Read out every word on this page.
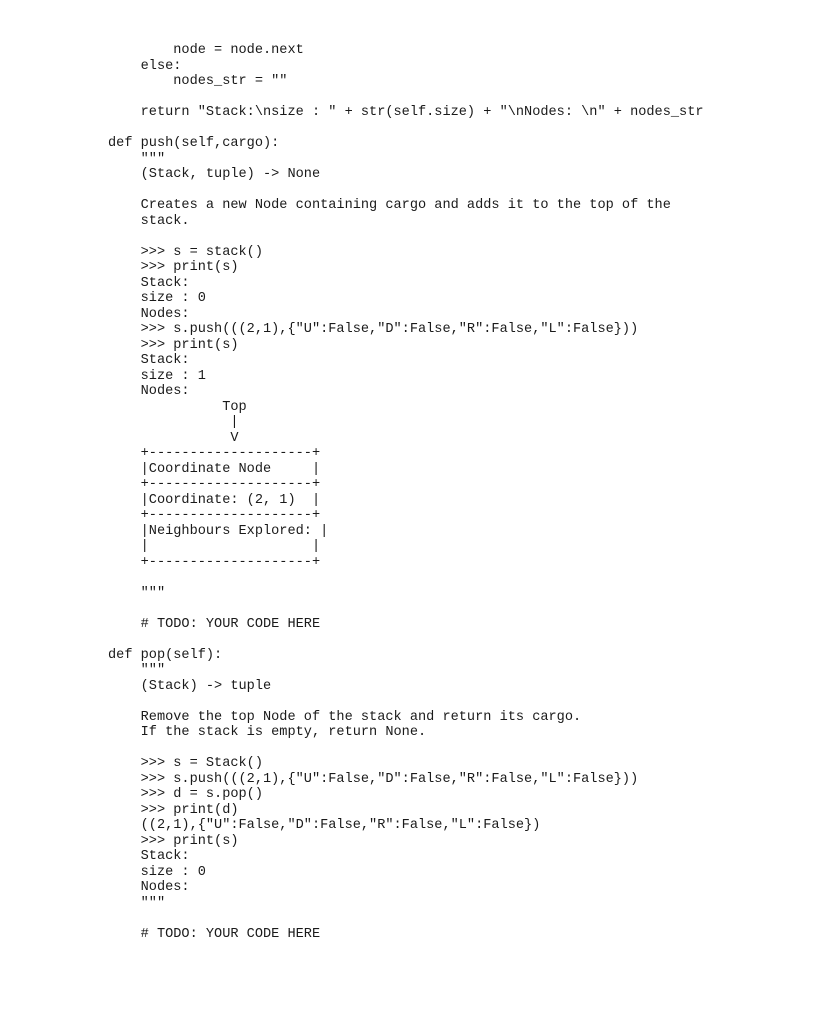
node = node.next
else:
nodes_str = ""
return "Stack:\nsize : " + str(self.size) + "\nNodes: \n" + nodes_str
def push(self,cargo):
"""
(Stack, tuple) -> None
Creates a new Node containing cargo and adds it to the top of the
stack.
>>> s = stack()
>>> print(s)
Stack:
size : 0
Nodes:
>>> s.push(((2,1),{"U":False,"D":False,"R":False,"L":False}))
>>> print(s)
Stack:
size : 1
Nodes:
Top
|
V
+--------------------+
|Coordinate Node     |
+--------------------+
|Coordinate: (2, 1)  |
+--------------------+
|Neighbours Explored: |
|                    |
+--------------------+
"""
# TODO: YOUR CODE HERE
def pop(self):
"""
(Stack) -> tuple
Remove the top Node of the stack and return its cargo.
If the stack is empty, return None.
>>> s = Stack()
>>> s.push(((2,1),{"U":False,"D":False,"R":False,"L":False}))
>>> d = s.pop()
>>> print(d)
((2,1),{"U":False,"D":False,"R":False,"L":False})
>>> print(s)
Stack:
size : 0
Nodes:
"""
# TODO: YOUR CODE HERE
